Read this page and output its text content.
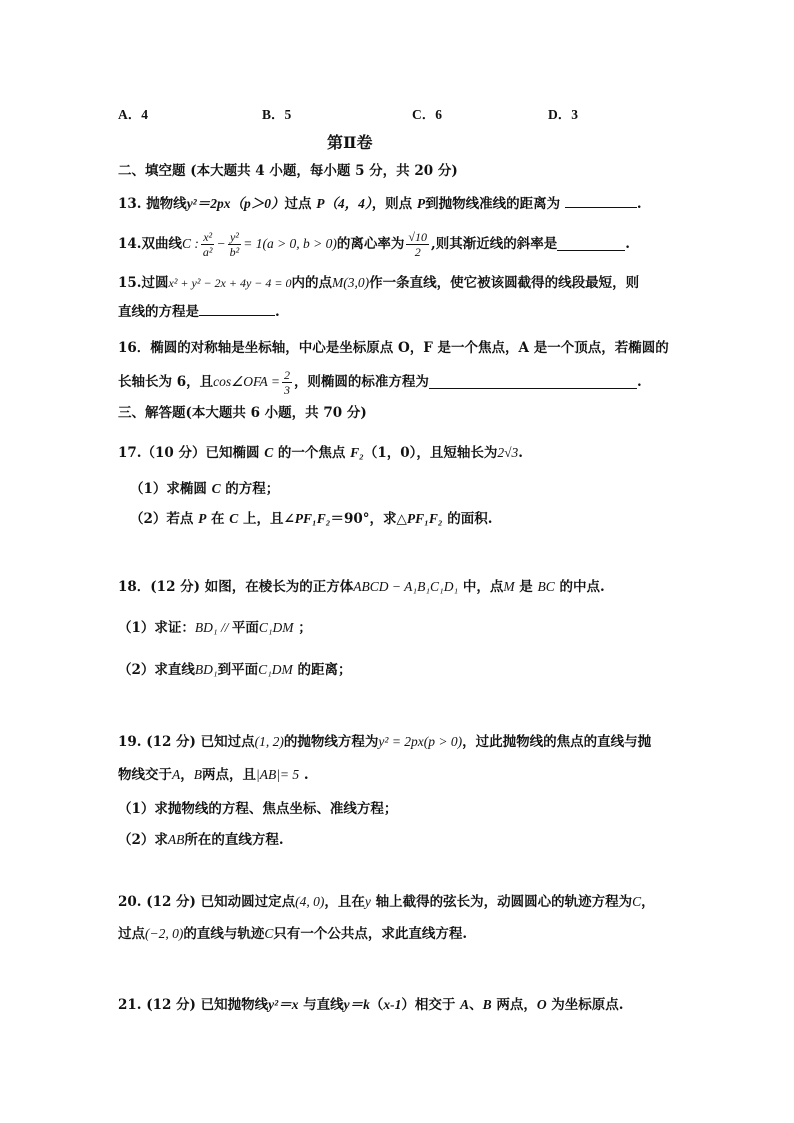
A．4	B．5	C．6	D．3
第Ⅱ卷
二、填空题 (本大题共 4 小题，每小题 5 分，共 20 分)
13. 抛物线y²＝2px（p＞0）过点 P（4，4），则点 P到抛物线准线的距离为	.
14. 双曲线 C : $\frac{\text{x²}}{\text{a²}} - \frac{\text{y²}}{\text{b²}} = 1(a > 0$, b > 0) 的离心率为 $\frac{√10}{2}$ ,则其渐近线的斜率是	.
15.过圆x² + y² − 2x + 4y − 4 = 0内的点M(3,0)作一条直线，使它被该圆截得的线段最短，则
直线的方程是	.
16．椭圆的对称轴是坐标轴，中心是坐标原点 O，F 是一个焦点，A 是一个顶点，若椭圆的
长轴长为 6，且 cos∠OFA = $\frac{2}{3}$ ，则椭圆的标准方程为	.
三、解答题(本大题共 6 小题，共 70 分)
17.（10 分）已知椭圆 C 的一个焦点 F₂（1，0），且短轴长为2√3.
（1）求椭圆 C 的方程；
（2）若点 P 在 C 上，且∠PF₁F₂＝90°，求△PF₁F₂ 的面积.
18．(12 分) 如图，在棱长为的正方体ABCD − A₁B₁C₁D₁ 中，点M 是 BC 的中点.
（1）求证：BD₁ // 平面C₁DM ；
（2）求直线BD₁到平面C₁DM 的距离；
19. (12 分) 已知过点(1, 2)的抛物线方程为y² = 2px(p > 0)，过此抛物线的焦点的直线与抛
物线交于A，B两点，且|AB|= 5 .
（1）求抛物线的方程、焦点坐标、准线方程；
（2）求AB所在的直线方程.
20. (12 分) 已知动圆过定点(4, 0)，且在y 轴上截得的弦长为，动圆圆心的轨迹方程为C，
过点(−2, 0)的直线与轨迹C只有一个公共点，求此直线方程.
21. (12 分) 已知抛物线y²＝x 与直线y＝k（x-1）相交于 A、B 两点，O 为坐标原点.
